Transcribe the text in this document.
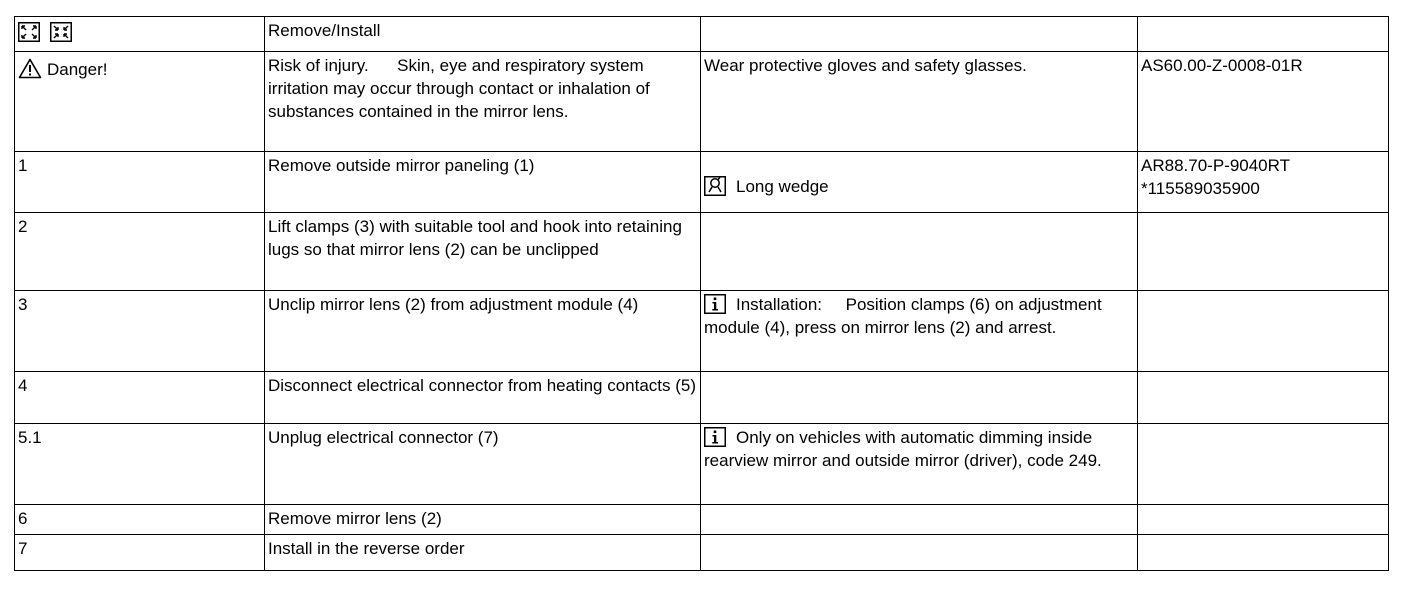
	Remove/Install		

Danger!	Risk of injury. Skin, eye and respiratory system irritation may occur through contact or inhalation of substances contained in the mirror lens.	Wear protective gloves and safety glasses.	AS60.00-Z-0008-01R
1	Remove outside mirror paneling (1)	Long wedge	AR88.70-P-9040RT
*115589035900

2	Lift clamps (3) with suitable tool and hook into retaining lugs so that mirror lens (2) can be unclipped		
3	Unclip mirror lens (2) from adjustment module (4)	Installation: Position clamps (6) on adjustment module (4), press on mirror lens (2) and arrest.	
4	Disconnect electrical connector from heating contacts (5)		
5.1	Unplug electrical connector (7)	Only on vehicles with automatic dimming inside rearview mirror and outside mirror (driver), code 249.	
6	Remove mirror lens (2)		
7	Install in the reverse order		
